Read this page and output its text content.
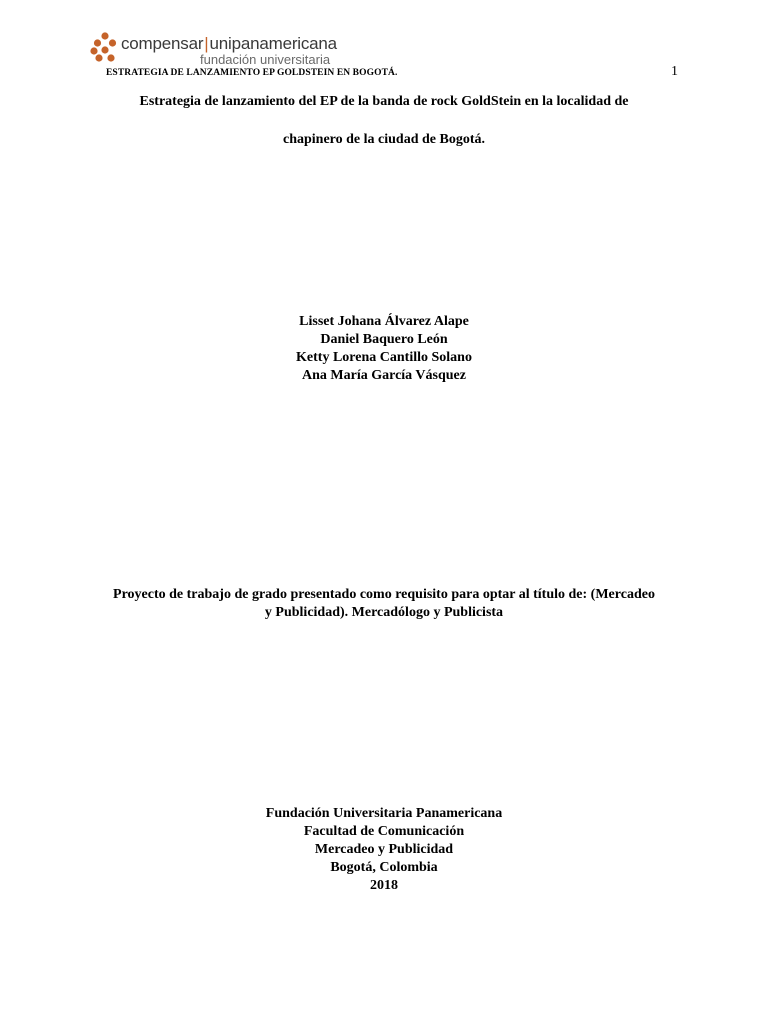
compensar|unipanamericana
fundación universitaria
ESTRATEGIA DE LANZAMIENTO EP GOLDSTEIN EN BOGOTÁ.	1
Estrategia de lanzamiento del EP de la banda de rock GoldStein en la localidad de
chapinero de la ciudad de Bogotá.
Lisset Johana Álvarez Alape
Daniel Baquero León
Ketty Lorena Cantillo Solano
Ana María García Vásquez
Proyecto de trabajo de grado presentado como requisito para optar al título de: (Mercadeo
y Publicidad). Mercadólogo y Publicista
Fundación Universitaria Panamericana
Facultad de Comunicación
Mercadeo y Publicidad
Bogotá, Colombia
2018
